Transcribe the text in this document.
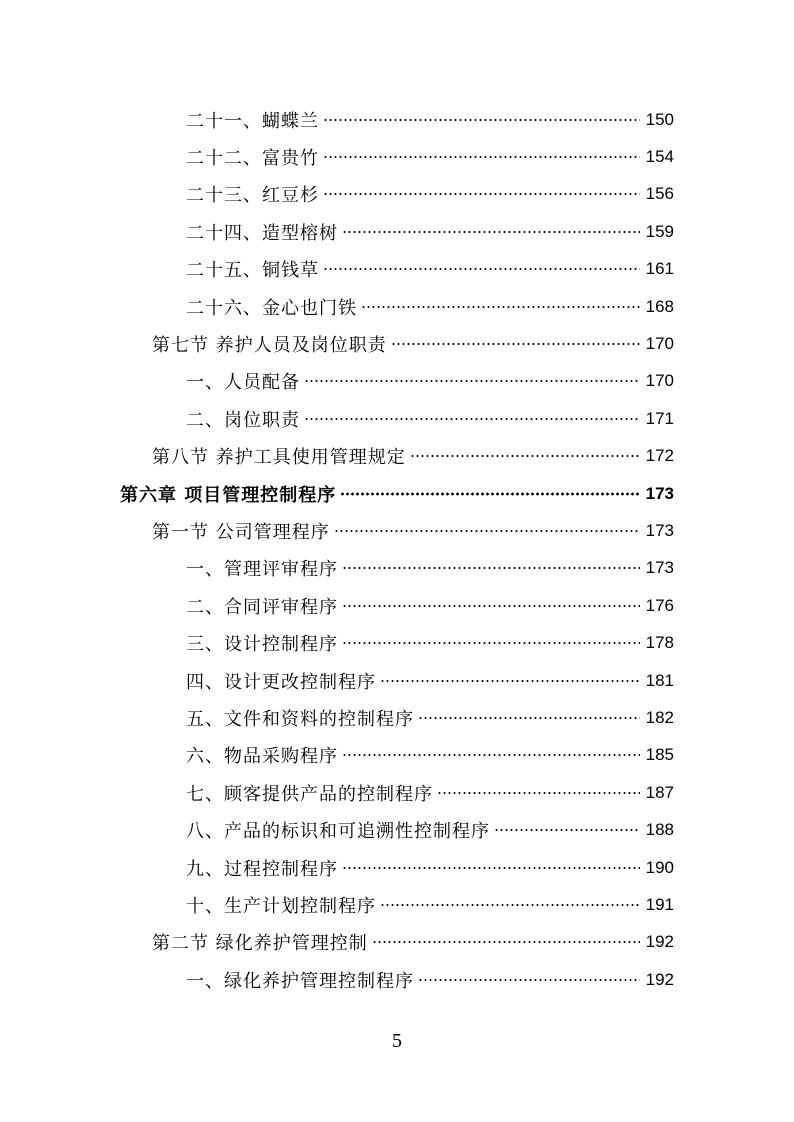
二十一、蝴蝶兰	150
二十二、富贵竹	154
二十三、红豆杉	156
二十四、造型榕树	159
二十五、铜钱草	161
二十六、金心也门铁	168
第七节 养护人员及岗位职责	170
一、人员配备	170
二、岗位职责	171
第八节 养护工具使用管理规定	172
第六章 项目管理控制程序	173
第一节 公司管理程序	173
一、管理评审程序	173
二、合同评审程序	176
三、设计控制程序	178
四、设计更改控制程序	181
五、文件和资料的控制程序	182
六、物品采购程序	185
七、顾客提供产品的控制程序	187
八、产品的标识和可追溯性控制程序	188
九、过程控制程序	190
十、生产计划控制程序	191
第二节 绿化养护管理控制	192
一、绿化养护管理控制程序	192
5
